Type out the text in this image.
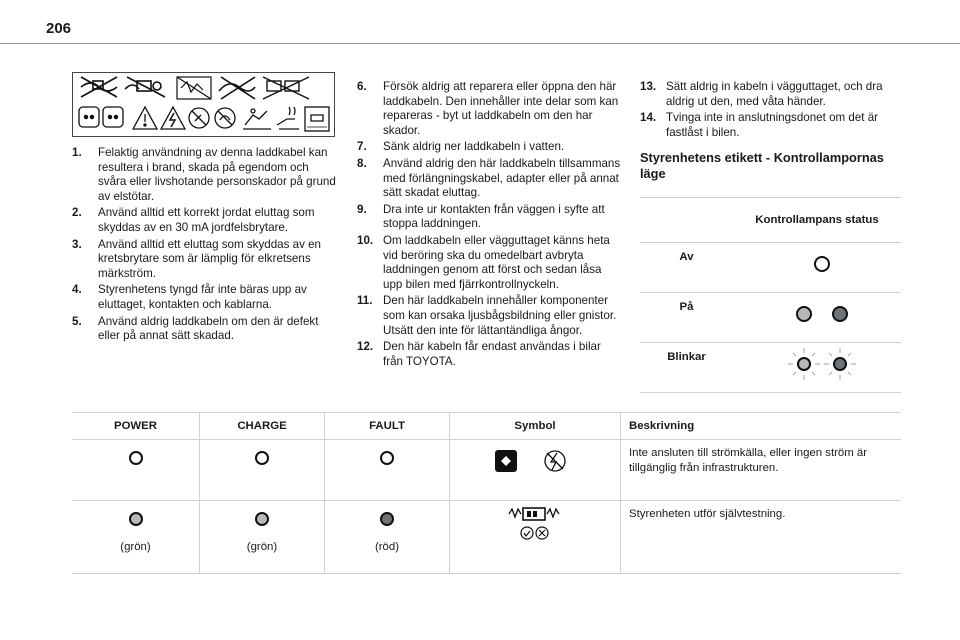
206
1.	Felaktig användning av denna laddkabel kan resultera i brand, skada på egendom och svåra eller livshotande personskador på grund av elstötar.
2.	Använd alltid ett korrekt jordat eluttag som skyddas av en 30 mA jordfelsbrytare.
3.	Använd alltid ett eluttag som skyddas av en kretsbrytare som är lämplig för elkretsens märkström.
4.	Styrenhetens tyngd får inte bäras upp av eluttaget, kontakten och kablarna.
5.	Använd aldrig laddkabeln om den är defekt eller på annat sätt skadad.
6.	Försök aldrig att reparera eller öppna den här laddkabeln. Den innehåller inte delar som kan repareras - byt ut laddkabeln om den har skador.
7.	Sänk aldrig ner laddkabeln i vatten.
8.	Använd aldrig den här laddkabeln tillsammans med förlängningskabel, adapter eller på annat sätt skadat eluttag.
9.	Dra inte ur kontakten från väggen i syfte att stoppa laddningen.
10. Om laddkabeln eller vägguttaget känns heta vid beröring ska du omedelbart avbryta laddningen genom att först och sedan låsa upp bilen med fjärrkontrollnyckeln.
11. Den här laddkabeln innehåller komponenter som kan orsaka ljusbågsbildning eller gnistor. Utsätt den inte för lättantändliga ångor.
12. Den här kabeln får endast användas i bilar från TOYOTA.
13. Sätt aldrig in kabeln i vägguttaget, och dra aldrig ut den, med våta händer.
14. Tvinga inte in anslutningsdonet om det är fastlåst i bilen.
Styrenhetens etikett - Kontrollampornas läge
	Kontrollampans status
Av	
På	
Blinkar	
POWER	CHARGE	FAULT	Symbol	Beskrivning
				Inte ansluten till strömkälla, eller ingen ström är tillgänglig från infrastrukturen.

(grön)	(grön)	(röd)		Styrenheten utför självtestning.
